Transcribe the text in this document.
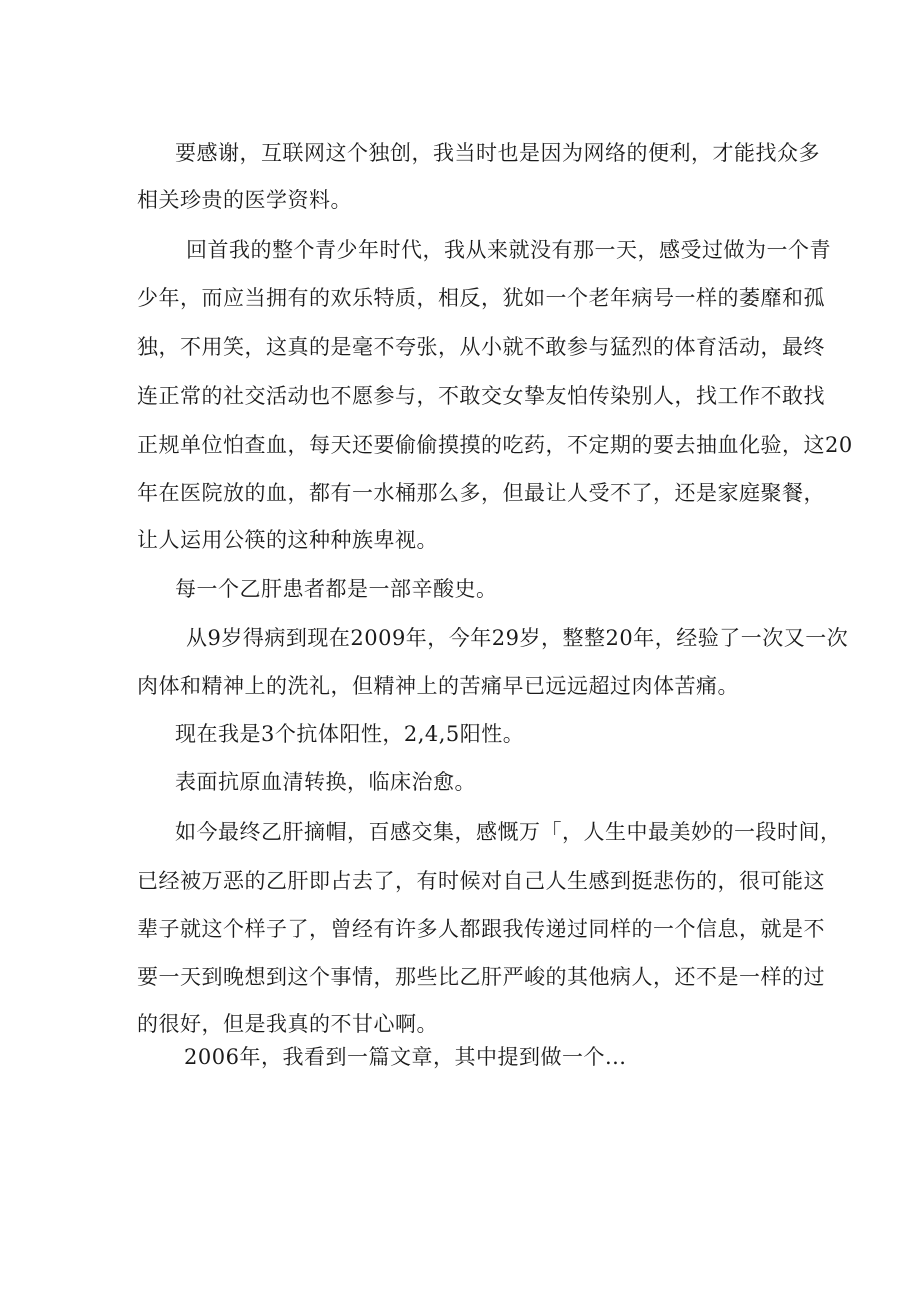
要感谢，互联网这个独创，我当时也是因为网络的便利，才能找众多
相关珍贵的医学资料。
回首我的整个青少年时代，我从来就没有那一天，感受过做为一个青
少年，而应当拥有的欢乐特质，相反，犹如一个老年病号一样的萎靡和孤
独，不用笑，这真的是毫不夸张，从小就不敢参与猛烈的体育活动，最终
连正常的社交活动也不愿参与，不敢交女挚友怕传染别人，找工作不敢找
正规单位怕查血，每天还要偷偷摸摸的吃药，不定期的要去抽血化验，这20
年在医院放的血，都有一水桶那么多，但最让人受不了，还是家庭聚餐，
让人运用公筷的这种种族卑视。
每一个乙肝患者都是一部辛酸史。
从9岁得病到现在2009年，今年29岁，整整20年，经验了一次又一次
肉体和精神上的洗礼，但精神上的苦痛早已远远超过肉体苦痛。
现在我是3个抗体阳性，2,4,5阳性。
表面抗原血清转换，临床治愈。
如今最终乙肝摘帽，百感交集，感慨万「，人生中最美妙的一段时间，
已经被万恶的乙肝即占去了，有时候对自己人生感到挺悲伤的，很可能这
辈子就这个样子了，曾经有许多人都跟我传递过同样的一个信息，就是不
要一天到晚想到这个事情，那些比乙肝严峻的其他病人，还不是一样的过
的很好，但是我真的不甘心啊。
2006年，我看到一篇文章，其中提到做一个...
